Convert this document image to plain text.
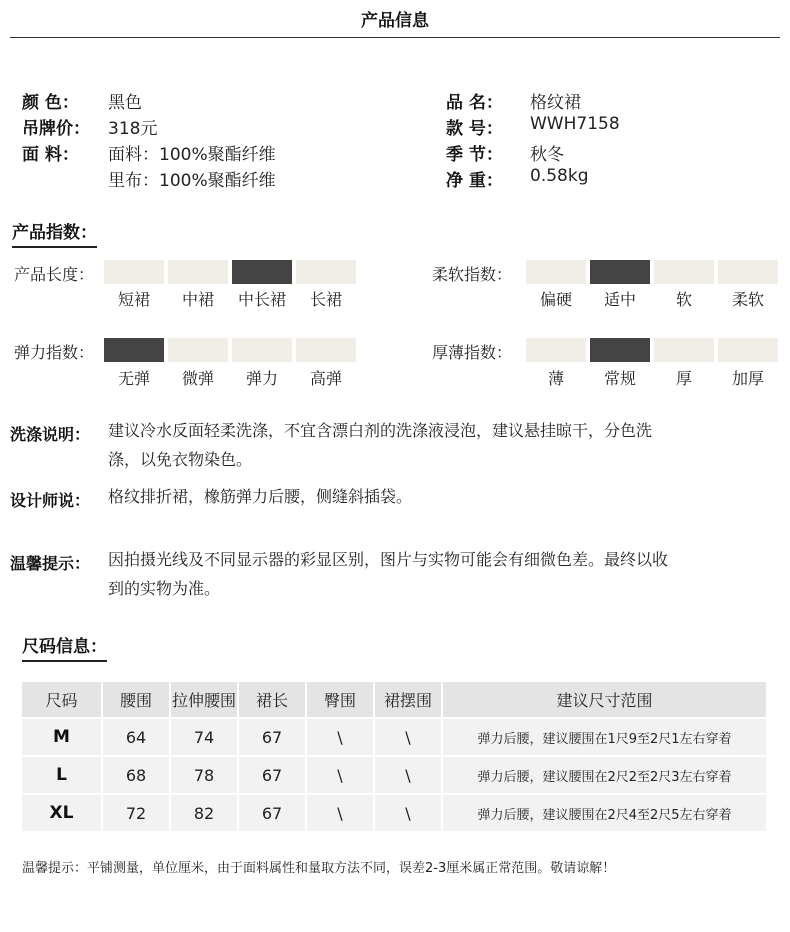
产品信息
颜 色： 黑色
吊牌价： 318元
面 料： 面料：100%聚酯纤维
里布：100%聚酯纤维
品 名： 格纹裙
款 号： WWH7158
季 节： 秋冬
净 重： 0.58kg
产品指数：
产品长度：
短裙	中裙	中长裙	长裙
柔软指数：
偏硬	适中	软	柔软
弹力指数：
无弹	微弹	弹力	高弹
厚薄指数：
薄	常规	厚	加厚
洗涤说明： 建议冷水反面轻柔洗涤，不宜含漂白剂的洗涤液浸泡，建议悬挂晾干，分色洗
涤，以免衣物染色。
设计师说： 格纹排折裙，橡筋弹力后腰，侧缝斜插袋。
温馨提示： 因拍摄光线及不同显示器的彩显区别，图片与实物可能会有细微色差。最终以收
到的实物为准。
尺码信息：
尺码	腰围	拉伸腰围	裙长	臀围	裙摆围	建议尺寸范围
M	64	74	67	\	\	弹力后腰，建议腰围在1尺9至2尺1左右穿着
L	68	78	67	\	\	弹力后腰，建议腰围在2尺2至2尺3左右穿着
XL	72	82	67	\	\	弹力后腰，建议腰围在2尺4至2尺5左右穿着
温馨提示：平铺测量，单位厘米，由于面料属性和量取方法不同，误差2-3厘米属正常范围。敬请谅解！
